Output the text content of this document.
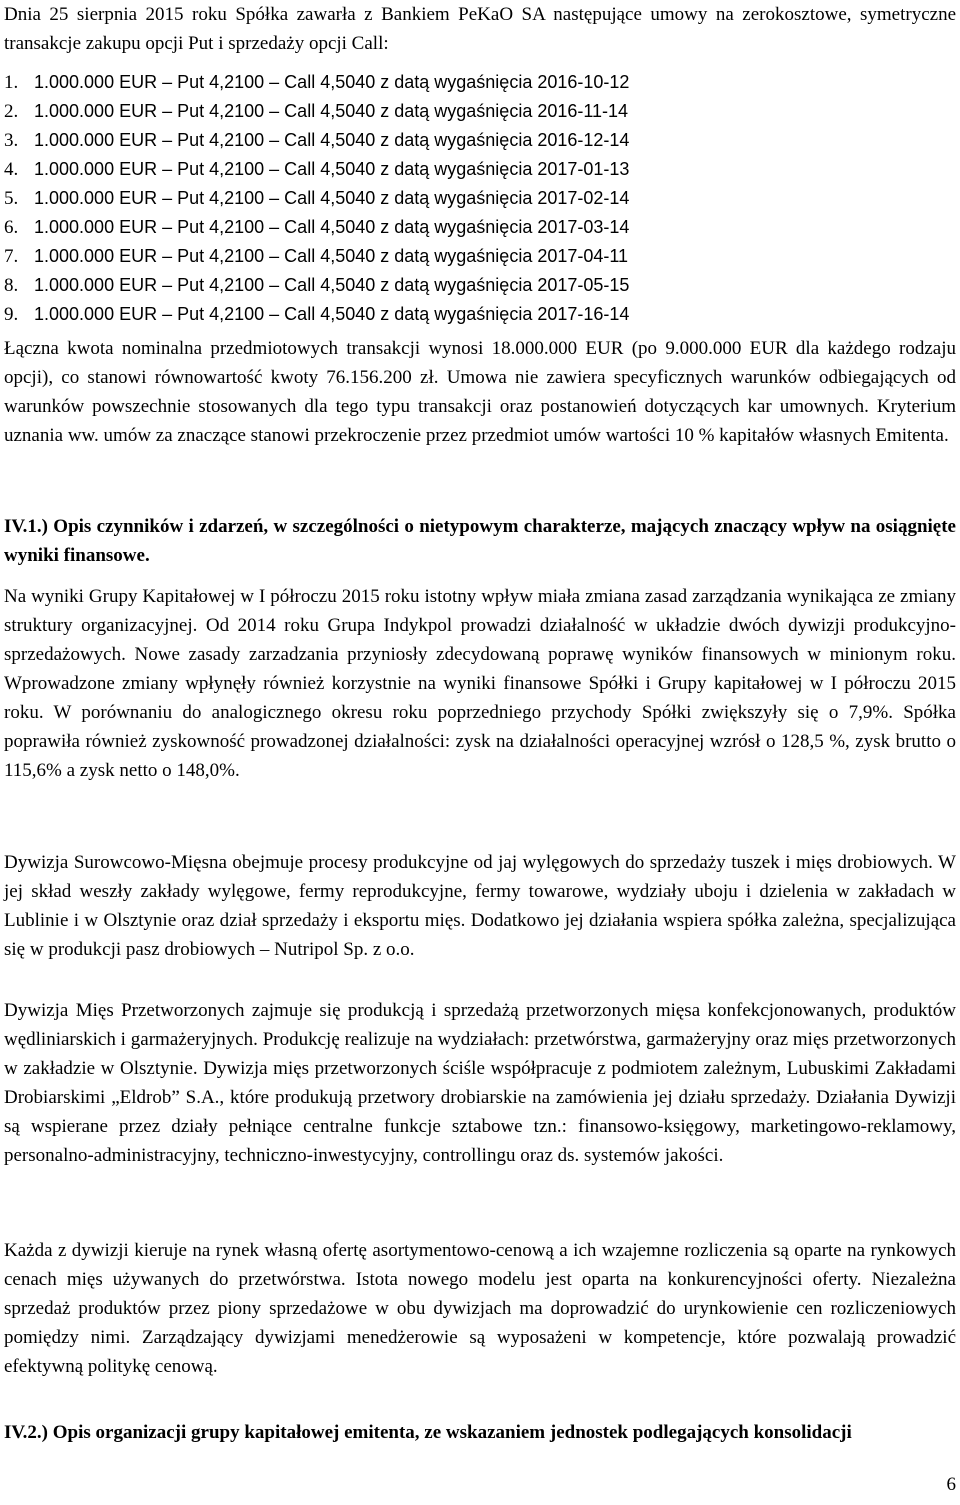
Dnia 25 sierpnia 2015 roku Spółka zawarła z Bankiem PeKaO SA następujące umowy na zerokosztowe, symetryczne transakcje zakupu opcji Put i sprzedaży opcji Call:

1. 1.000.000 EUR – Put 4,2100 – Call 4,5040 z datą wygaśnięcia 2016-10-12
2. 1.000.000 EUR – Put 4,2100 – Call 4,5040 z datą wygaśnięcia 2016-11-14
3. 1.000.000 EUR – Put 4,2100 – Call 4,5040 z datą wygaśnięcia 2016-12-14
4. 1.000.000 EUR – Put 4,2100 – Call 4,5040 z datą wygaśnięcia 2017-01-13
5. 1.000.000 EUR – Put 4,2100 – Call 4,5040 z datą wygaśnięcia 2017-02-14
6. 1.000.000 EUR – Put 4,2100 – Call 4,5040 z datą wygaśnięcia 2017-03-14
7. 1.000.000 EUR – Put 4,2100 – Call 4,5040 z datą wygaśnięcia 2017-04-11
8. 1.000.000 EUR – Put 4,2100 – Call 4,5040 z datą wygaśnięcia 2017-05-15
9. 1.000.000 EUR – Put 4,2100 – Call 4,5040 z datą wygaśnięcia 2017-16-14

Łączna kwota nominalna przedmiotowych transakcji wynosi 18.000.000 EUR (po 9.000.000 EUR dla każdego rodzaju opcji), co stanowi równowartość kwoty 76.156.200 zł. Umowa nie zawiera specyficznych warunków odbiegających od warunków powszechnie stosowanych dla tego typu transakcji oraz postanowień dotyczących kar umownych. Kryterium uznania ww. umów za znaczące stanowi przekroczenie przez przedmiot umów wartości 10 % kapitałów własnych Emitenta.

IV.1.) Opis czynników i zdarzeń, w szczególności o nietypowym charakterze, mających znaczący wpływ na osiągnięte wyniki finansowe.

Na wyniki Grupy Kapitałowej w I półroczu 2015 roku istotny wpływ miała zmiana zasad zarządzania wynikająca ze zmiany struktury organizacyjnej. Od 2014 roku Grupa Indykpol prowadzi działalność w układzie dwóch dywizji produkcyjno-sprzedażowych. Nowe zasady zarzadzania przyniosły zdecydowaną poprawę wyników finansowych w minionym roku. Wprowadzone zmiany wpłynęły również korzystnie na wyniki finansowe Spółki i Grupy kapitałowej w I półroczu 2015 roku. W porównaniu do analogicznego okresu roku poprzedniego przychody Spółki zwiększyły się o 7,9%. Spółka poprawiła również zyskowność prowadzonej działalności: zysk na działalności operacyjnej wzrósł o 128,5 %, zysk brutto o 115,6% a zysk netto o 148,0%.

Dywizja Surowcowo-Mięsna obejmuje procesy produkcyjne od jaj wylęgowych do sprzedaży tuszek i mięs drobiowych. W jej skład weszły zakłady wylęgowe, fermy reprodukcyjne, fermy towarowe, wydziały uboju i dzielenia w zakładach w Lublinie i w Olsztynie oraz dział sprzedaży i eksportu mięs. Dodatkowo jej działania wspiera spółka zależna, specjalizująca się w produkcji pasz drobiowych – Nutripol Sp. z o.o.

Dywizja Mięs Przetworzonych zajmuje się produkcją i sprzedażą przetworzonych mięsa konfekcjonowanych, produktów wędliniarskich i garmażeryjnych. Produkcję realizuje na wydziałach: przetwórstwa, garmażeryjny oraz mięs przetworzonych w zakładzie w Olsztynie. Dywizja mięs przetworzonych ściśle współpracuje z podmiotem zależnym, Lubuskimi Zakładami Drobiarskimi „Eldrob” S.A., które produkują przetwory drobiarskie na zamówienia jej działu sprzedaży. Działania Dywizji są wspierane przez działy pełniące centralne funkcje sztabowe tzn.: finansowo-księgowy, marketingowo-reklamowy, personalno-administracyjny, techniczno-inwestycyjny, controllingu oraz ds. systemów jakości.

Każda z dywizji kieruje na rynek własną ofertę asortymentowo-cenową a ich wzajemne rozliczenia są oparte na rynkowych cenach mięs używanych do przetwórstwa. Istota nowego modelu jest oparta na konkurencyjności oferty. Niezależna sprzedaż produktów przez piony sprzedażowe w obu dywizjach ma doprowadzić do urynkowienie cen rozliczeniowych pomiędzy nimi. Zarządzający dywizjami menedżerowie są wyposażeni w kompetencje, które pozwalają prowadzić efektywną politykę cenową.

IV.2.) Opis organizacji grupy kapitałowej emitenta, ze wskazaniem jednostek podlegających konsolidacji

6
